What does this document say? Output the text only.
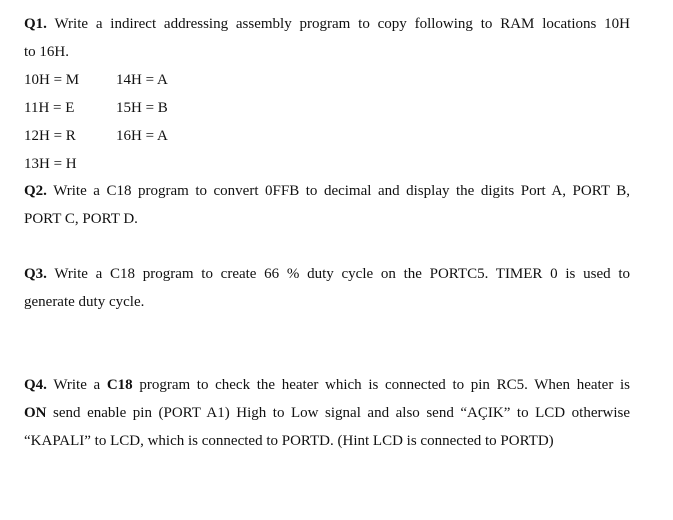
Q1. Write a indirect addressing assembly program to copy following to RAM locations 10H
to 16H.
10H = M 14H = A
11H = E	15H = B
12H = R	16H = A
13H = H
Q2. Write a C18 program to convert 0FFB to decimal and display the digits Port A, PORT B,
PORT C, PORT D.
Q3. Write a C18 program to create 66 % duty cycle on the PORTC5. TIMER 0 is used to
generate duty cycle.
Q4. Write a C18 program to check the heater which is connected to pin RC5. When heater is
ON send enable pin (PORT A1) High to Low signal and also send “AÇIK” to LCD otherwise
“KAPALI” to LCD, which is connected to PORTD. (Hint LCD is connected to PORTD)
